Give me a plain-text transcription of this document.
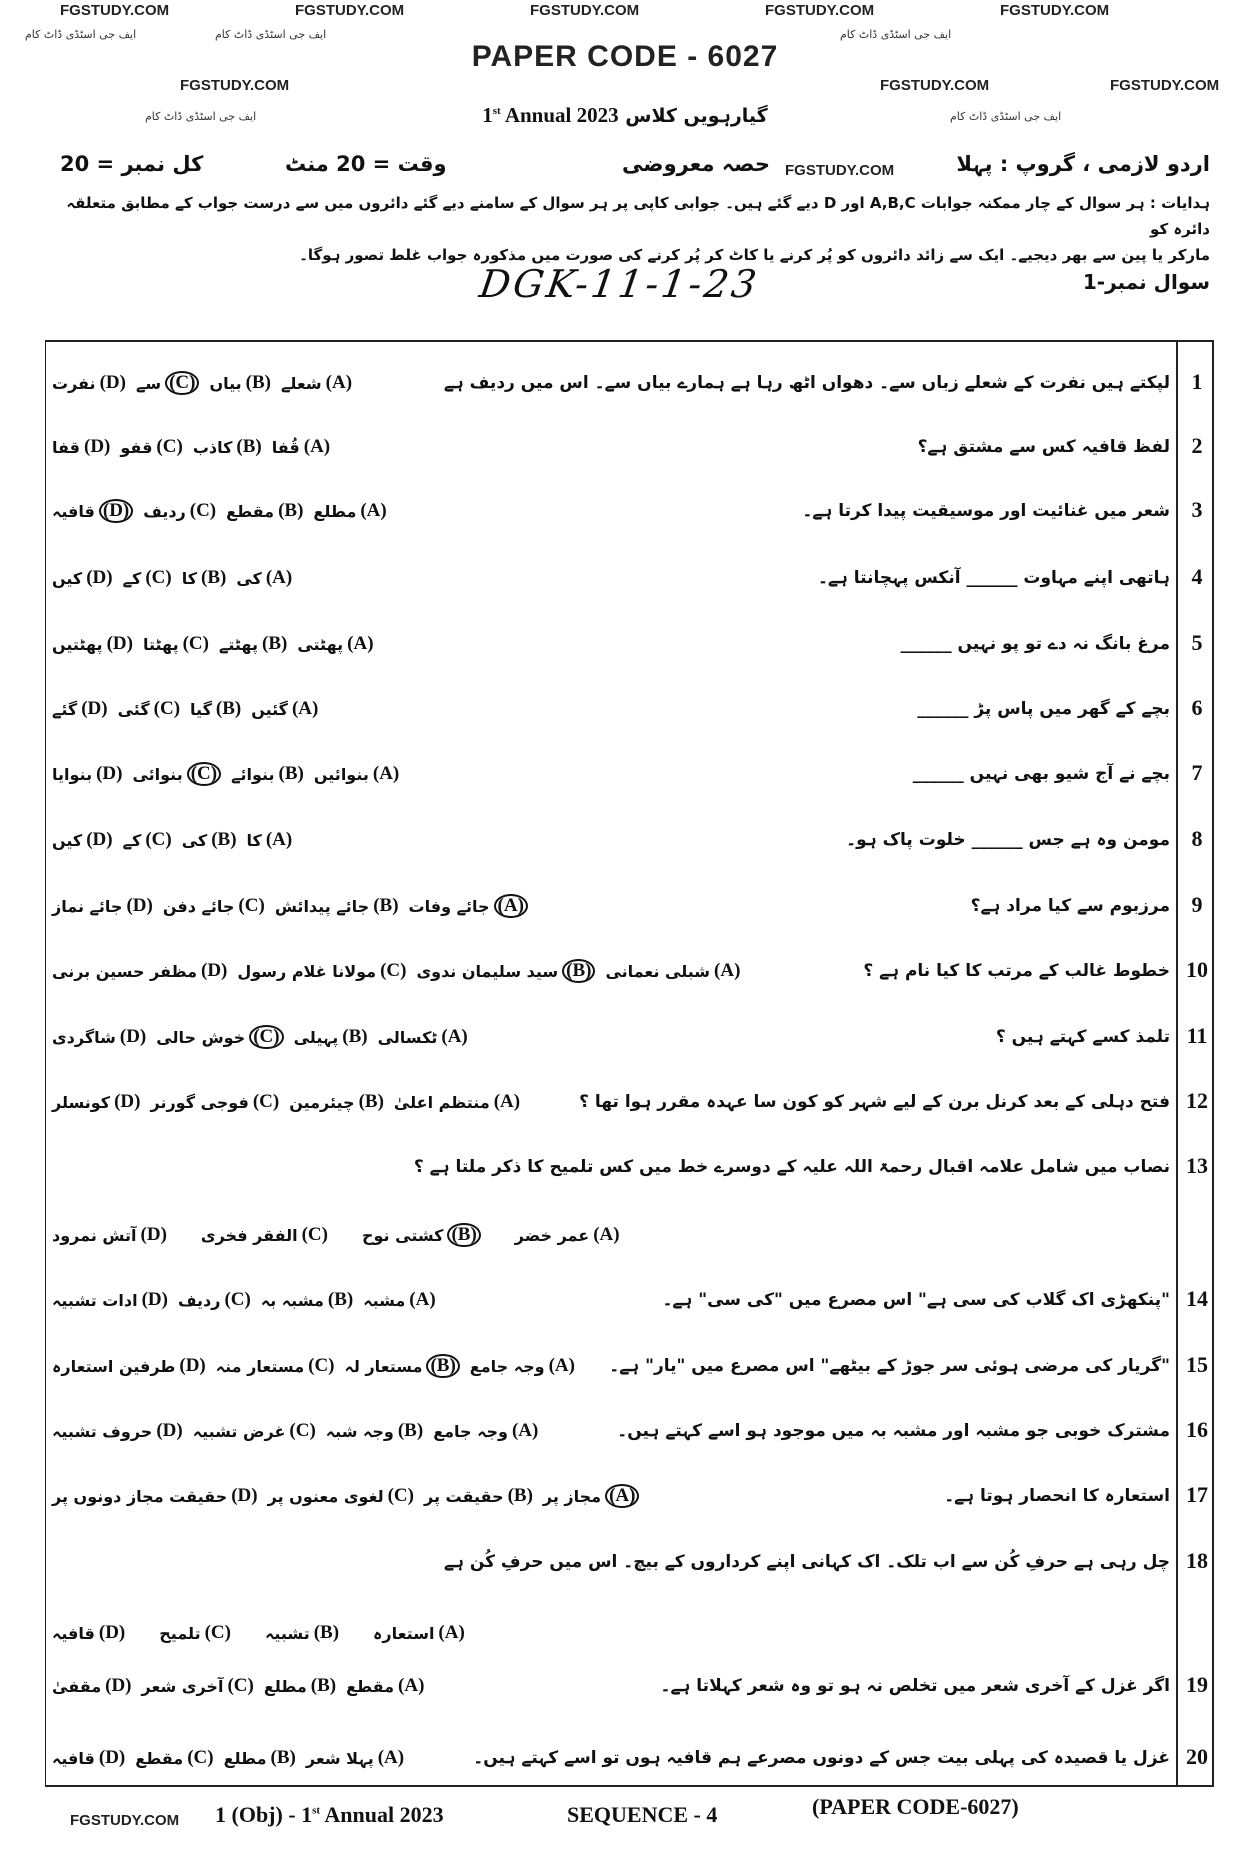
FGSTUDY.COM	FGSTUDY.COM	FGSTUDY.COM	FGSTUDY.COM	FGSTUDY.COM
ایف جی اسٹڈی ڈاٹ کام	ایف جی اسٹڈی ڈاٹ کام	ایف جی اسٹڈی ڈاٹ کام
FGSTUDY.COM	FGSTUDY.COM	FGSTUDY.COM
ایف جی اسٹڈی ڈاٹ کام	ایف جی اسٹڈی ڈاٹ کام
FGSTUDY.COM
PAPER CODE - 6027
گیارہویں کلاس 1st Annual 2023
اردو لازمی ، گروپ : پہلا
حصہ معروضی
وقت = 20 منٹ
کل نمبر = 20
ہدایات : ہر سوال کے چار ممکنہ جوابات A,B,C اور D دیے گئے ہیں۔ جوابی کاپی پر ہر سوال کے سامنے دیے گئے دائروں میں سے درست جواب کے مطابق متعلقہ دائرہ کو
مارکر یا پین سے بھر دیجیے۔ ایک سے زائد دائروں کو پُر کرنے یا کاٹ کر پُر کرنے کی صورت میں مذکورہ جواب غلط تصور ہوگا۔
DGK-11-1-23	سوال نمبر-1
1
لپکتے ہیں نفرت کے شعلے زباں سے۔ دھواں اٹھ رہا ہے ہمارے بیاں سے۔ اس میں ردیف ہے
(A)
شعلے
(B)
بیاں
(C)
سے
(D)
نفرت
2
لفظ قافیہ کس سے مشتق ہے؟
(A)
قُفا
(B)
کاذب
(C)
قفو
(D)
قفا
3
شعر میں غنائیت اور موسیقیت پیدا کرتا ہے۔
(A)
مطلع
(B)
مقطع
(C)
ردیف
(D)
قافیہ
4
ہاتھی اپنے مہاوت ______ آنکس پہچانتا ہے۔
(A)
کی
(B)
کا
(C)
کے
(D)
کیں
5
مرغ بانگ نہ دے تو پو نہیں ______
(A)
پھٹتی
(B)
پھٹتے
(C)
پھٹتا
(D)
پھٹتیں
6
بچے کے گھر میں پاس پڑ ______
(A)
گئیں
(B)
گیا
(C)
گئی
(D)
گئے
7
بچے نے آج شیو بھی نہیں ______
(A)
بنوائیں
(B)
بنوائے
(C)
بنوائی
(D)
بنوایا
8
مومن وہ ہے جس ______ خلوت پاک ہو۔
(A)
کا
(B)
کی
(C)
کے
(D)
کیں
9
مرزبوم سے کیا مراد ہے؟
(A)
جائے وفات
(B)
جائے پیدائش
(C)
جائے دفن
(D)
جائے نماز
10
خطوط غالب کے مرتب کا کیا نام ہے ؟
(A)
شبلی نعمانی
(B)
سید سلیمان ندوی
(C)
مولانا غلام رسول
(D)
مظفر حسین برنی
11
تلمذ کسے کہتے ہیں ؟
(A)
ٹکسالی
(B)
پہیلی
(C)
خوش حالی
(D)
شاگردی
12
فتح دہلی کے بعد کرنل برن کے لیے شہر کو کون سا عہدہ مقرر ہوا تھا ؟
(A)
منتظم اعلیٰ
(B)
چیئرمین
(C)
فوجی گورنر
(D)
کونسلر
13
نصاب میں شامل علامہ اقبال رحمۃ اللہ علیہ کے دوسرے خط میں کس تلمیح کا ذکر ملتا ہے ؟
(A)
عمر خضر
(B)
کشتی نوح
(C)
الفقر فخری
(D)
آتش نمرود
14
"پنکھڑی اک گلاب کی سی ہے" اس مصرع میں "کی سی" ہے۔
(A)
مشبہ
(B)
مشبہ بہ
(C)
ردیف
(D)
ادات تشبیہ
15
"گریار کی مرضی ہوئی سر جوڑ کے بیٹھے" اس مصرع میں "یار" ہے۔
(A)
وجہ جامع
(B)
مستعار لہ
(C)
مستعار منہ
(D)
طرفین استعارہ
16
مشترک خوبی جو مشبہ اور مشبہ بہ میں موجود ہو اسے کہتے ہیں۔
(A)
وجہ جامع
(B)
وجہ شبہ
(C)
غرض تشبیہ
(D)
حروف تشبیہ
17
استعارہ کا انحصار ہوتا ہے۔
(A)
مجاز پر
(B)
حقیقت پر
(C)
لغوی معنوں پر
(D)
حقیقت مجاز دونوں پر
18
چل رہی ہے حرفِ کُن سے اب تلک۔ اک کہانی اپنے کرداروں کے بیچ۔ اس میں حرفِ کُن ہے
(A)
استعارہ
(B)
تشبیہ
(C)
تلمیح
(D)
قافیہ
19
اگر غزل کے آخری شعر میں تخلص نہ ہو تو وہ شعر کہلاتا ہے۔
(A)
مقطع
(B)
مطلع
(C)
آخری شعر
(D)
مقفیٰ
20
غزل یا قصیدہ کی پہلی بیت جس کے دونوں مصرعے ہم قافیہ ہوں تو اسے کہتے ہیں۔
(A)
پہلا شعر
(B)
مطلع
(C)
مقطع
(D)
قافیہ
1 (Obj) - 1st Annual 2023	SEQUENCE - 4	(PAPER CODE-6027)
FGSTUDY.COM
